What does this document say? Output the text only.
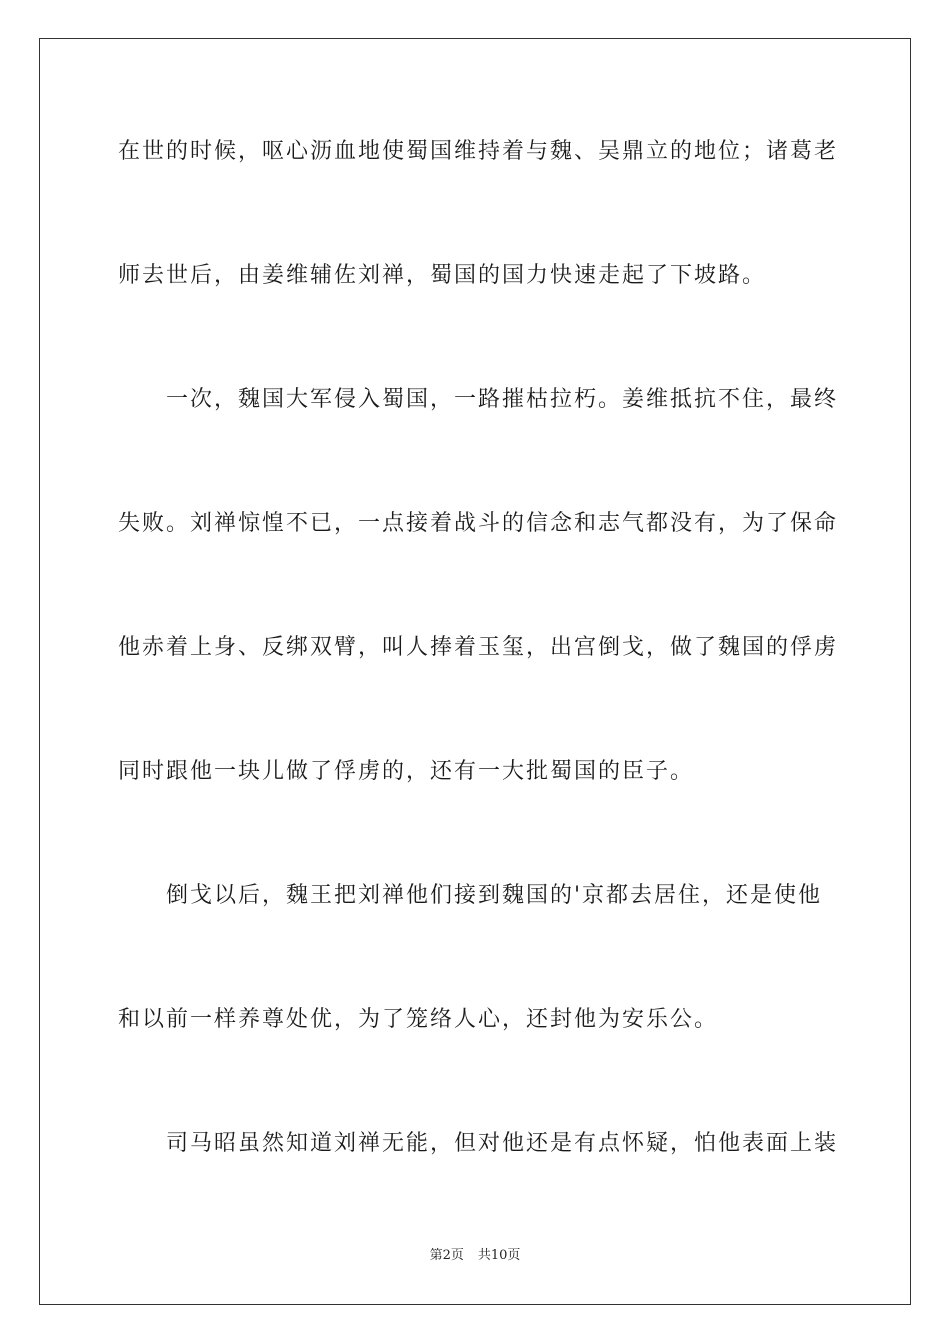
在世的时候，呕心沥血地使蜀国维持着与魏、吴鼎立的地位；诸葛老
师去世后，由姜维辅佐刘禅，蜀国的国力快速走起了下坡路。
　　一次，魏国大军侵入蜀国，一路摧枯拉朽。姜维抵抗不住，最终
失败。刘禅惊惶不已，一点接着战斗的信念和志气都没有，为了保命
他赤着上身、反绑双臂，叫人捧着玉玺，出宫倒戈，做了魏国的俘虏
同时跟他一块儿做了俘虏的，还有一大批蜀国的臣子。
　　倒戈以后，魏王把刘禅他们接到魏国的'京都去居住，还是使他
和以前一样养尊处优，为了笼络人心，还封他为安乐公。
　　司马昭虽然知道刘禅无能，但对他还是有点怀疑，怕他表面上装
第2页 共10页
